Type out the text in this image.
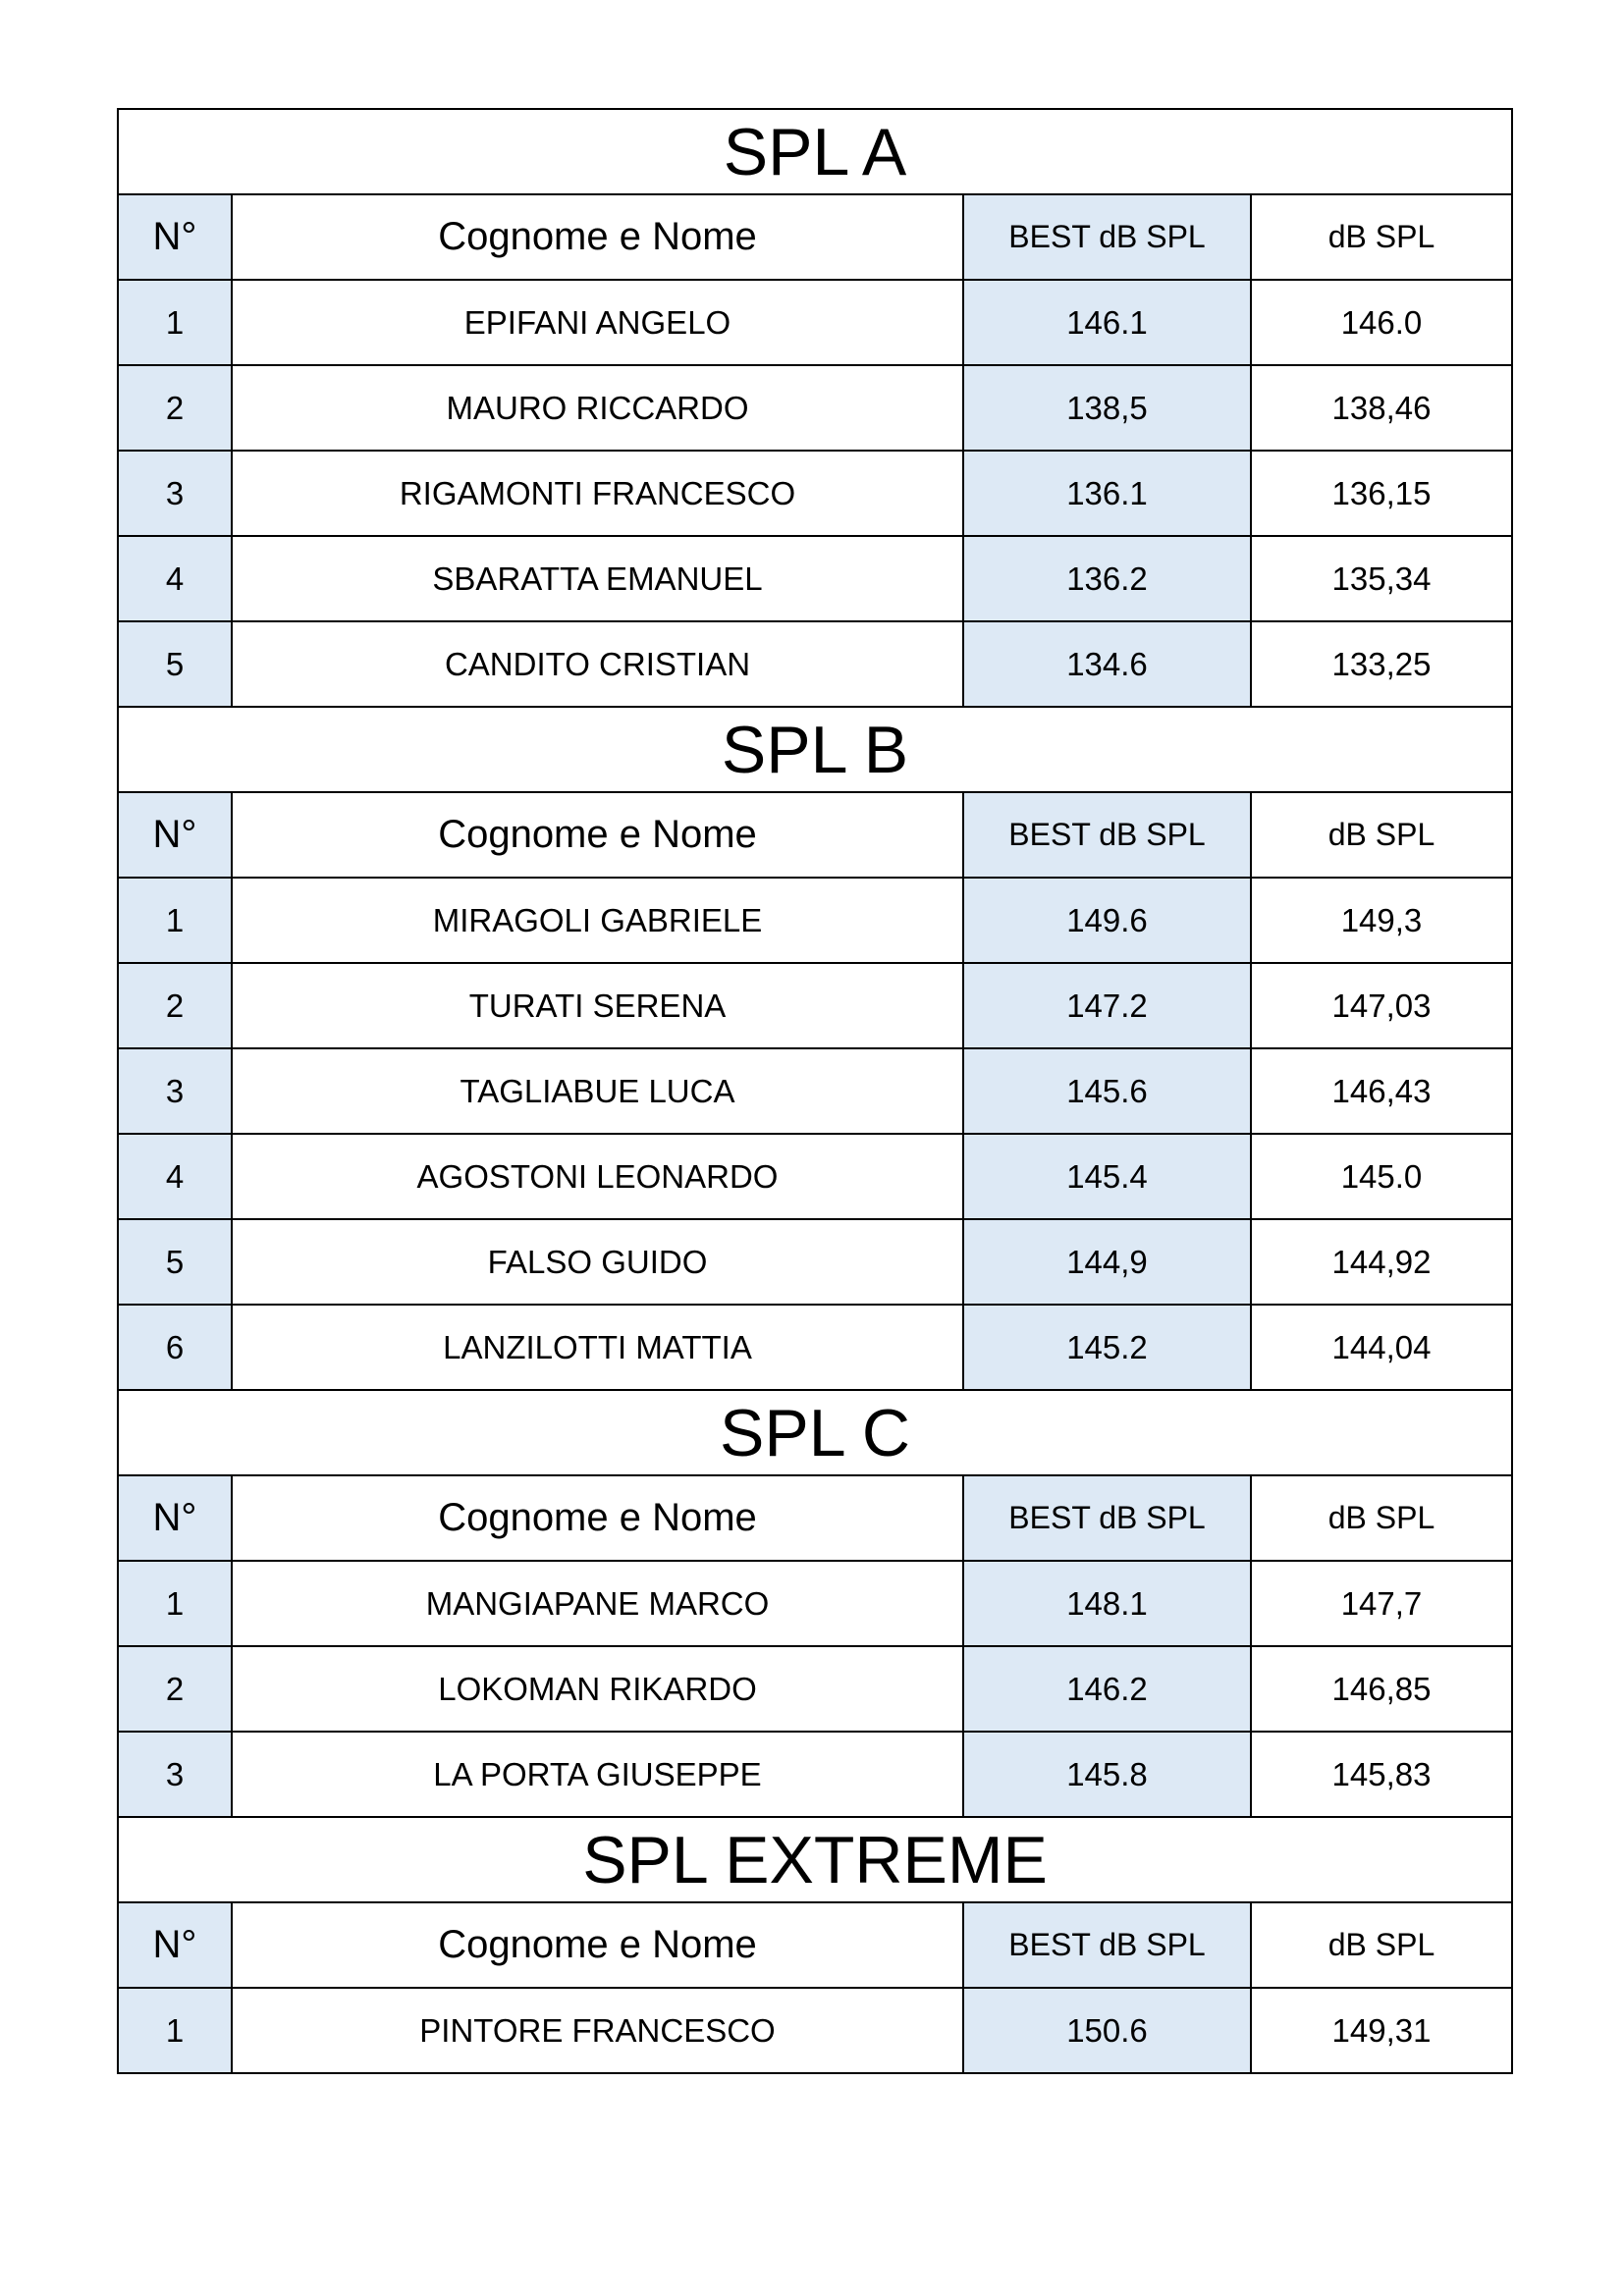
SPL A			
N°	Cognome e Nome	BEST dB SPL	dB SPL
1	EPIFANI ANGELO	146.1	146.0
2	MAURO RICCARDO	138,5	138,46
3	RIGAMONTI FRANCESCO	136.1	136,15
4	SBARATTA EMANUEL	136.2	135,34
5	CANDITO CRISTIAN	134.6	133,25
SPL B			
N°	Cognome e Nome	BEST dB SPL	dB SPL
1	MIRAGOLI GABRIELE	149.6	149,3
2	TURATI SERENA	147.2	147,03
3	TAGLIABUE LUCA	145.6	146,43
4	AGOSTONI LEONARDO	145.4	145.0
5	FALSO GUIDO	144,9	144,92
6	LANZILOTTI MATTIA	145.2	144,04
SPL C			
N°	Cognome e Nome	BEST dB SPL	dB SPL
1	MANGIAPANE MARCO	148.1	147,7
2	LOKOMAN RIKARDO	146.2	146,85
3	LA PORTA GIUSEPPE	145.8	145,83
SPL EXTREME			
N°	Cognome e Nome	BEST dB SPL	dB SPL
1	PINTORE FRANCESCO	150.6	149,31
